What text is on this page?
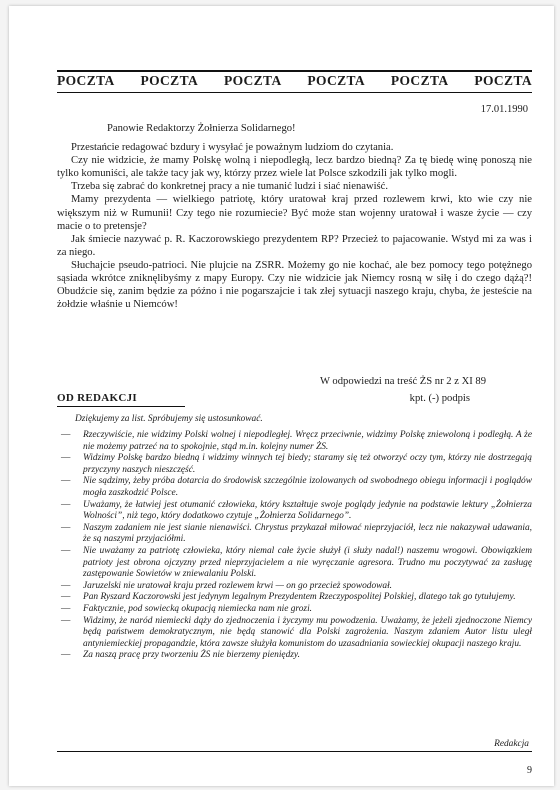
POCZTA POCZTA POCZTA POCZTA POCZTA POCZTA
17.01.1990

Panowie Redaktorzy Żołnierza Solidarnego!

Przestańcie redagować bzdury i wysyłać je poważnym ludziom do czytania.

Czy nie widzicie, że mamy Polskę wolną i niepodległą, lecz bardzo biedną? Za tę biedę winę ponoszą nie tylko komuniści, ale także tacy jak wy, którzy przez wiele lat Polsce szkodzili jak tylko mogli.

Trzeba się zabrać do konkretnej pracy a nie tumanić ludzi i siać nienawiść.

Mamy prezydenta — wielkiego patriotę, który uratował kraj przed rozlewem krwi, kto wie czy nie większym niż w Rumunii! Czy tego nie rozumiecie? Być może stan wojenny uratował i wasze życie — czy macie o to pretensje?

Jak śmiecie nazywać p. R. Kaczorowskiego prezydentem RP? Przecież to pajacowanie. Wstyd mi za was i za niego.

Słuchajcie pseudo-patrioci. Nie plujcie na ZSRR. Możemy go nie kochać, ale bez pomocy tego potężnego sąsiada wkrótce zniknęlibyśmy z mapy Europy. Czy nie widzicie jak Niemcy rosną w siłę i do czego dążą?! Obudźcie się, zanim będzie za późno i nie pogarszajcie i tak złej sytuacji naszego kraju, chyba, że jesteście na żołdzie właśnie u Niemców!

W odpowiedzi na treść ŻS nr 2 z XI 89
kpt. (-) podpis
OD REDAKCJI
Dziękujemy za list. Spróbujemy się ustosunkować.
— Rzeczywiście, nie widzimy Polski wolnej i niepodległej. Wręcz przeciwnie, widzimy Polskę zniewoloną i podległą. A że nie możemy patrzeć na to spokojnie, stąd m.in. kolejny numer ŻS.
— Widzimy Polskę bardzo biedną i widzimy winnych tej biedy; staramy się też otworzyć oczy tym, którzy nie dostrzegają przyczyny naszych nieszczęść.
— Nie sądzimy, żeby próba dotarcia do środowisk szczególnie izolowanych od swobodnego obiegu informacji i poglądów mogła zaszkodzić Polsce.
— Uważamy, że łatwiej jest otumanić człowieka, który kształtuje swoje poglądy jedynie na podstawie lektury „Żołnierza Wolności”, niż tego, który dodatkowo czytuje „Żołnierza Solidarnego”.
— Naszym zadaniem nie jest sianie nienawiści. Chrystus przykazał miłować nieprzyjaciół, lecz nie nakazywał udawania, że są naszymi przyjaciółmi.
— Nie uważamy za patriotę człowieka, który niemal całe życie służył (i służy nadal!) naszemu wrogowi. Obowiązkiem patrioty jest obrona ojczyzny przed nieprzyjacielem a nie wyręczanie agresora. Trudno mu poczytywać za zasługę zastępowanie Sowietów w zniewalaniu Polski.
— Jaruzelski nie uratował kraju przed rozlewem krwi — on go przecież spowodował.
— Pan Ryszard Kaczorowski jest jedynym legalnym Prezydentem Rzeczypospolitej Polskiej, dlatego tak go tytułujemy.
— Faktycznie, pod sowiecką okupacją niemiecka nam nie grozi.
— Widzimy, że naród niemiecki dąży do zjednoczenia i życzymy mu powodzenia. Uważamy, że jeżeli zjednoczone Niemcy będą państwem demokratycznym, nie będą stanowić dla Polski zagrożenia. Naszym zdaniem Autor listu uległ antyniemieckiej propagandzie, która zawsze służyła komunistom do uzasadniania sowieckiej okupacji naszego kraju.
— Za naszą pracę przy tworzeniu ŻS nie bierzemy pieniędzy.
Redakcja
9
